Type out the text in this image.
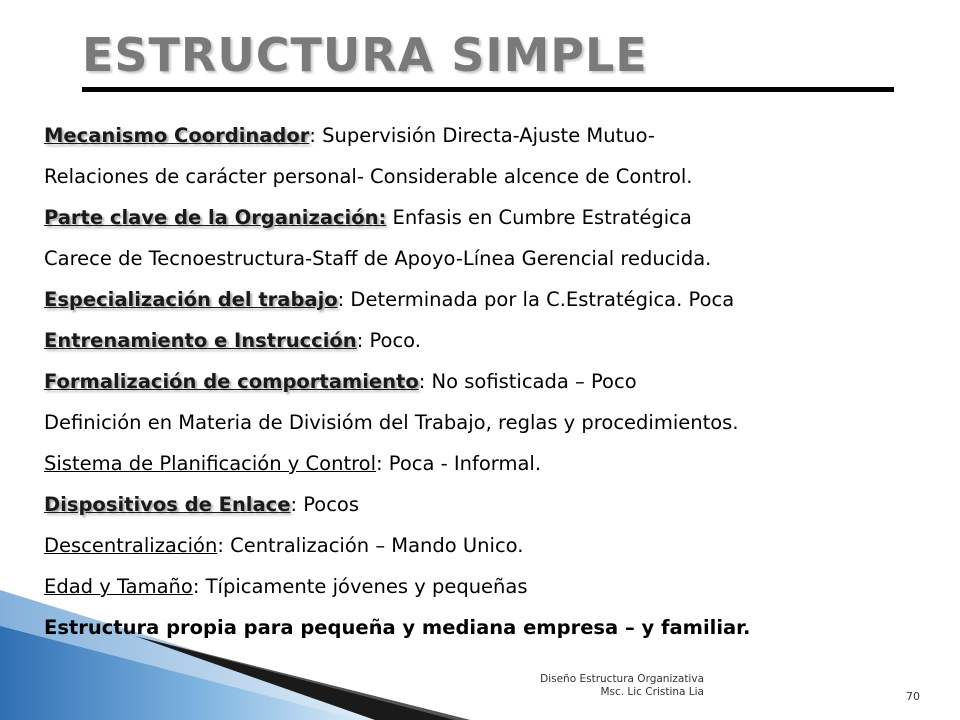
ESTRUCTURA SIMPLE
Mecanismo Coordinador: Supervisión Directa-Ajuste Mutuo-
Relaciones de carácter personal- Considerable alcence de Control.
Parte clave de la Organización: Enfasis en Cumbre Estratégica
Carece de Tecnoestructura-Staff de Apoyo-Línea Gerencial reducida.
Especialización del trabajo: Determinada por la C.Estratégica. Poca
Entrenamiento e Instrucción: Poco.
Formalización de comportamiento: No sofisticada – Poco
Definición en Materia de Divisióm del Trabajo, reglas y procedimientos.
Sistema de Planificación y Control: Poca - Informal.
Dispositivos de Enlace: Pocos
Descentralización: Centralización – Mando Unico.
Edad y Tamaño: Típicamente jóvenes y pequeñas
Estructura propia para pequeña y mediana empresa – y familiar.
Diseño Estructura Organizativa
Msc. Lic Cristina Lia	70
